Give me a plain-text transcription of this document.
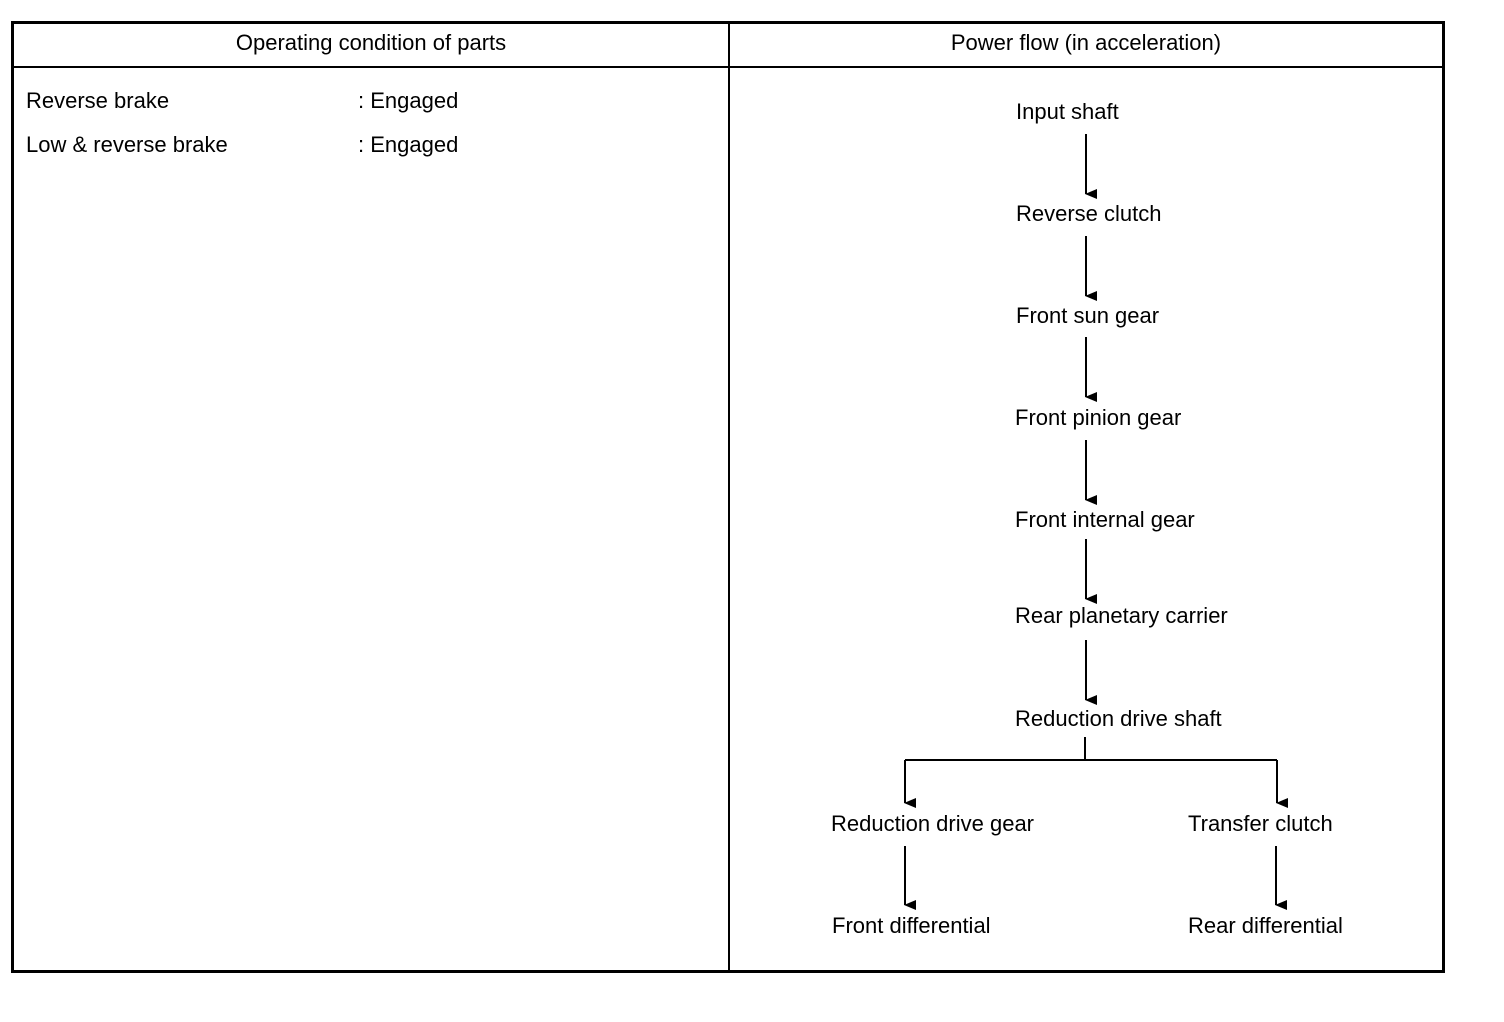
Operating condition of parts	Power flow (in acceleration)
Reverse brake	: Engaged
Low & reverse brake	: Engaged
Input shaft
Reverse clutch
Front sun gear
Front pinion gear
Front internal gear
Rear planetary carrier
Reduction drive shaft
Reduction drive gear	Transfer clutch
Front differential	Rear differential
